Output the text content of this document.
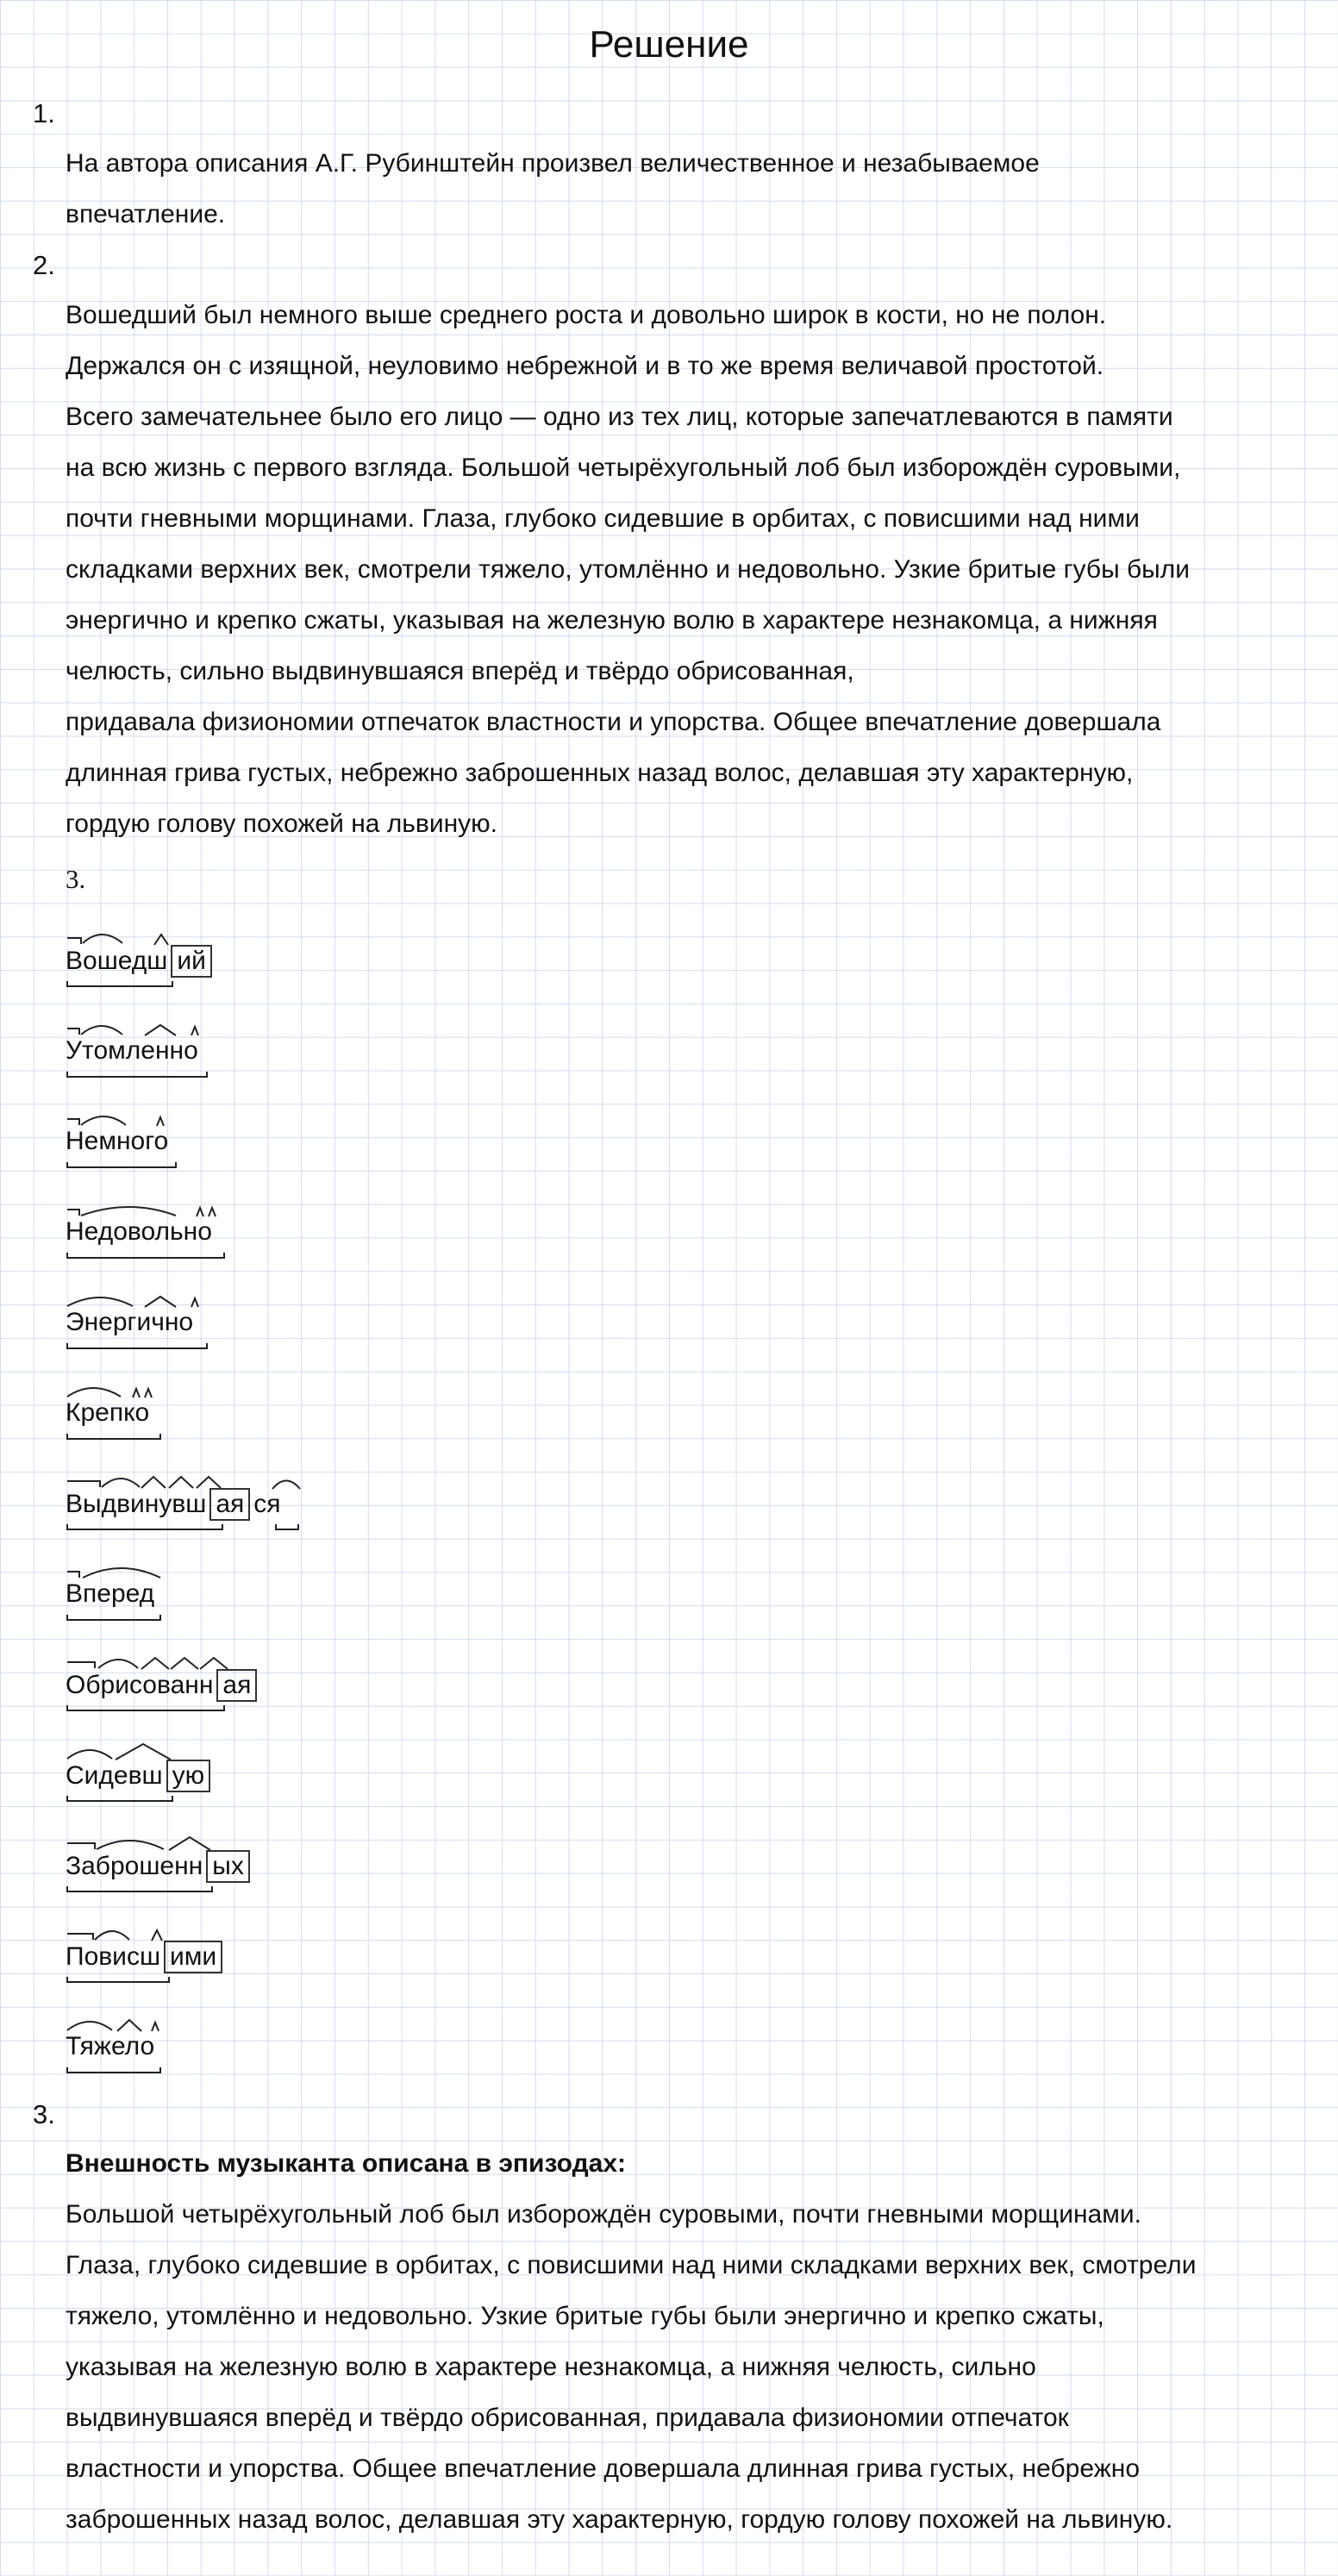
Решение
1.
На автора описания А.Г. Рубинштейн произвел величественное и незабываемое
впечатление.
2.
Вошедший был немного выше среднего роста и довольно широк в кости, но не полон.
Держался он с изящной, неуловимо небрежной и в то же время величавой простотой.
Всего замечательнее было его лицо — одно из тех лиц, которые запечатлеваются в памяти
на всю жизнь с первого взгляда. Большой четырёхугольный лоб был изборождён суровыми,
почти гневными морщинами. Глаза, глубоко сидевшие в орбитах, с повисшими над ними
складками верхних век, смотрели тяжело, утомлённо и недовольно. Узкие бритые губы были
энергично и крепко сжаты, указывая на железную волю в характере незнакомца, а нижняя
челюсть, сильно выдвинувшаяся вперёд и твёрдо обрисованная,
придавала физиономии отпечаток властности и упорства. Общее впечатление довершала
длинная грива густых, небрежно заброшенных назад волос, делавшая эту характерную,
гордую голову похожей на львиную.
3.
Вошедш ий
Утомленно
Немного
Недовольно
Энергично
Крепко
Выдвинувш ая ся
Вперед
Обрисованн ая
Сидевш ую
Заброшенн ых
Повисш ими
Тяжело
3.
Внешность музыканта описана в эпизодах:
Большой четырёхугольный лоб был изборождён суровыми, почти гневными морщинами.
Глаза, глубоко сидевшие в орбитах, с повисшими над ними складками верхних век, смотрели
тяжело, утомлённо и недовольно. Узкие бритые губы были энергично и крепко сжаты,
указывая на железную волю в характере незнакомца, а нижняя челюсть, сильно
выдвинувшаяся вперёд и твёрдо обрисованная, придавала физиономии отпечаток
властности и упорства. Общее впечатление довершала длинная грива густых, небрежно
заброшенных назад волос, делавшая эту характерную, гордую голову похожей на львиную.
